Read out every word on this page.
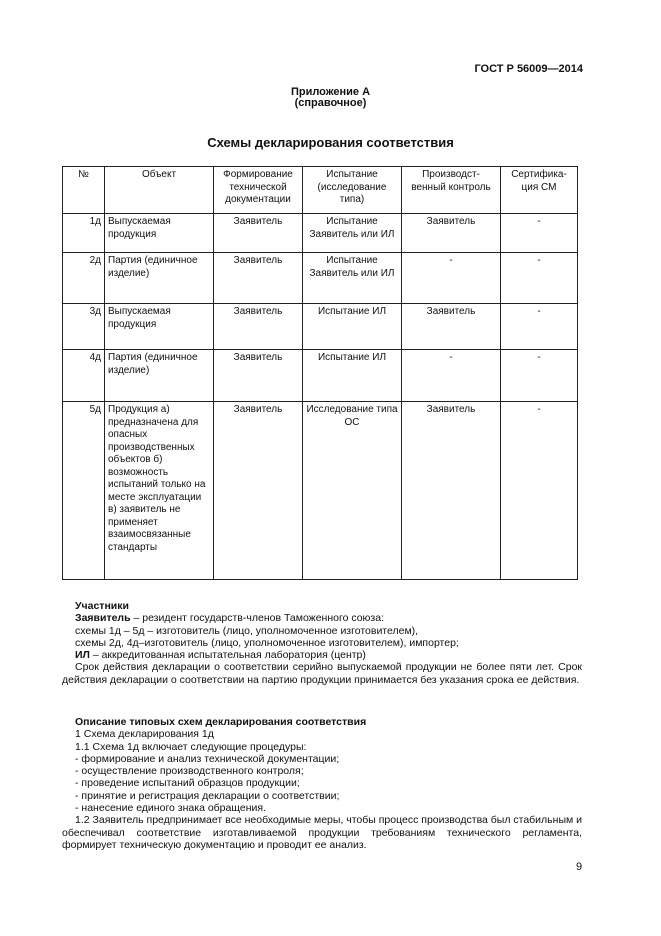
ГОСТ Р 56009—2014
Приложение А
(справочное)
Схемы декларирования соответствия
№	Объект	Формирование технической документации	Испытание (исследование типа)	Производст-венный контроль	Сертифика-ция СМ
1д	Выпускаемая продукция	Заявитель	Испытание Заявитель или ИЛ	Заявитель	-
2д	Партия (единичное изделие)	Заявитель	Испытание Заявитель или ИЛ	-	-
3д	Выпускаемая продукция	Заявитель	Испытание ИЛ	Заявитель	-
4д	Партия (единичное изделие)	Заявитель	Испытание ИЛ	-	-
5д	Продукция а) предназначена для опасных производственных объектов б) возможность испытаний только на месте эксплуатации в) заявитель не применяет взаимосвязанные стандарты	Заявитель	Исследование типа ОС	Заявитель	-

Участники

Заявитель – резидент государств-членов Таможенного союза:

схемы 1д – 5д – изготовитель (лицо, уполномоченное изготовителем),

схемы 2д, 4д–изготовитель (лицо, уполномоченное изготовителем), импортер;

ИЛ – аккредитованная испытательная лаборатория (центр)

Срок действия декларации о соответствии серийно выпускаемой продукции не более пяти лет. Срок действия декларации о соответствии на партию продукции принимается без указания срока ее действия.

Описание типовых схем декларирования соответствия

1 Схема декларирования 1д

1.1 Схема 1д включает следующие процедуры:

- формирование и анализ технической документации;

- осуществление производственного контроля;

- проведение испытаний образцов продукции;

- принятие и регистрация декларации о соответствии;

- нанесение единого знака обращения.

1.2 Заявитель предпринимает все необходимые меры, чтобы процесс производства был стабильным и обеспечивал соответствие изготавливаемой продукции требованиям технического регламента, формирует техническую документацию и проводит ее анализ.

9
